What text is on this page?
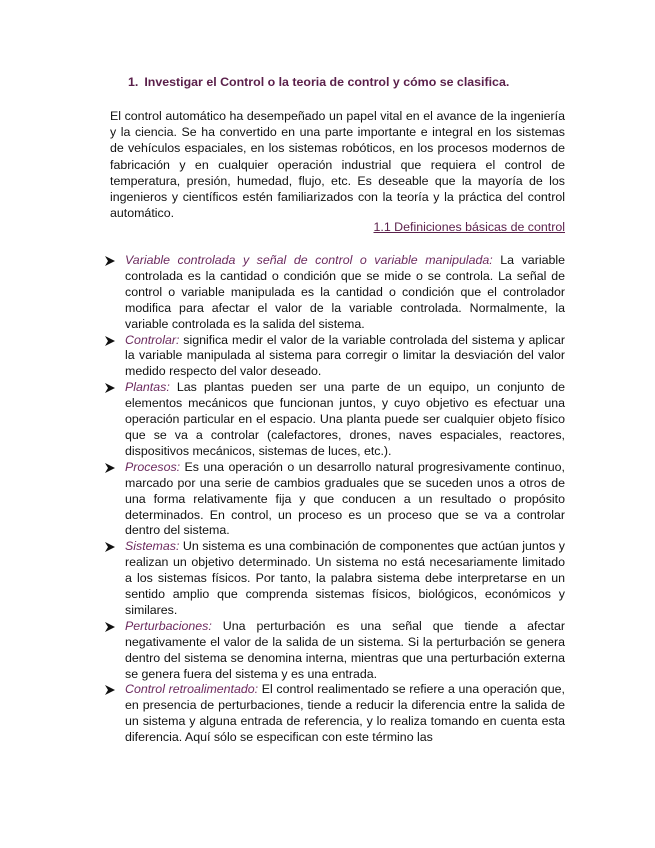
1. Investigar el Control o la teoria de control y cómo se clasifica.

El control automático ha desempeñado un papel vital en el avance de la ingeniería y la ciencia. Se ha convertido en una parte importante e integral en los sistemas de vehículos espaciales, en los sistemas robóticos, en los procesos modernos de fabricación y en cualquier operación industrial que requiera el control de temperatura, presión, humedad, flujo, etc. Es deseable que la mayoría de los ingenieros y científicos estén familiarizados con la teoría y la práctica del control automático.

1.1 Definiciones básicas de control
Variable controlada y señal de control o variable manipulada: La variable controlada es la cantidad o condición que se mide o se controla. La señal de control o variable manipulada es la cantidad o condición que el controlador modifica para afectar el valor de la variable controlada. Normalmente, la variable controlada es la salida del sistema.
Controlar: significa medir el valor de la variable controlada del sistema y aplicar la variable manipulada al sistema para corregir o limitar la desviación del valor medido respecto del valor deseado.
Plantas: Las plantas pueden ser una parte de un equipo, un conjunto de elementos mecánicos que funcionan juntos, y cuyo objetivo es efectuar una operación particular en el espacio. Una planta puede ser cualquier objeto físico que se va a controlar (calefactores, drones, naves espaciales, reactores, dispositivos mecánicos, sistemas de luces, etc.).
Procesos: Es una operación o un desarrollo natural progresivamente continuo, marcado por una serie de cambios graduales que se suceden unos a otros de una forma relativamente fija y que conducen a un resultado o propósito determinados. En control, un proceso es un proceso que se va a controlar dentro del sistema.
Sistemas: Un sistema es una combinación de componentes que actúan juntos y realizan un objetivo determinado. Un sistema no está necesariamente limitado a los sistemas físicos. Por tanto, la palabra sistema debe interpretarse en un sentido amplio que comprenda sistemas físicos, biológicos, económicos y similares.
Perturbaciones: Una perturbación es una señal que tiende a afectar negativamente el valor de la salida de un sistema. Si la perturbación se genera dentro del sistema se denomina interna, mientras que una perturbación externa se genera fuera del sistema y es una entrada.
Control retroalimentado: El control realimentado se refiere a una operación que, en presencia de perturbaciones, tiende a reducir la diferencia entre la salida de un sistema y alguna entrada de referencia, y lo realiza tomando en cuenta esta diferencia. Aquí sólo se especifican con este término las
